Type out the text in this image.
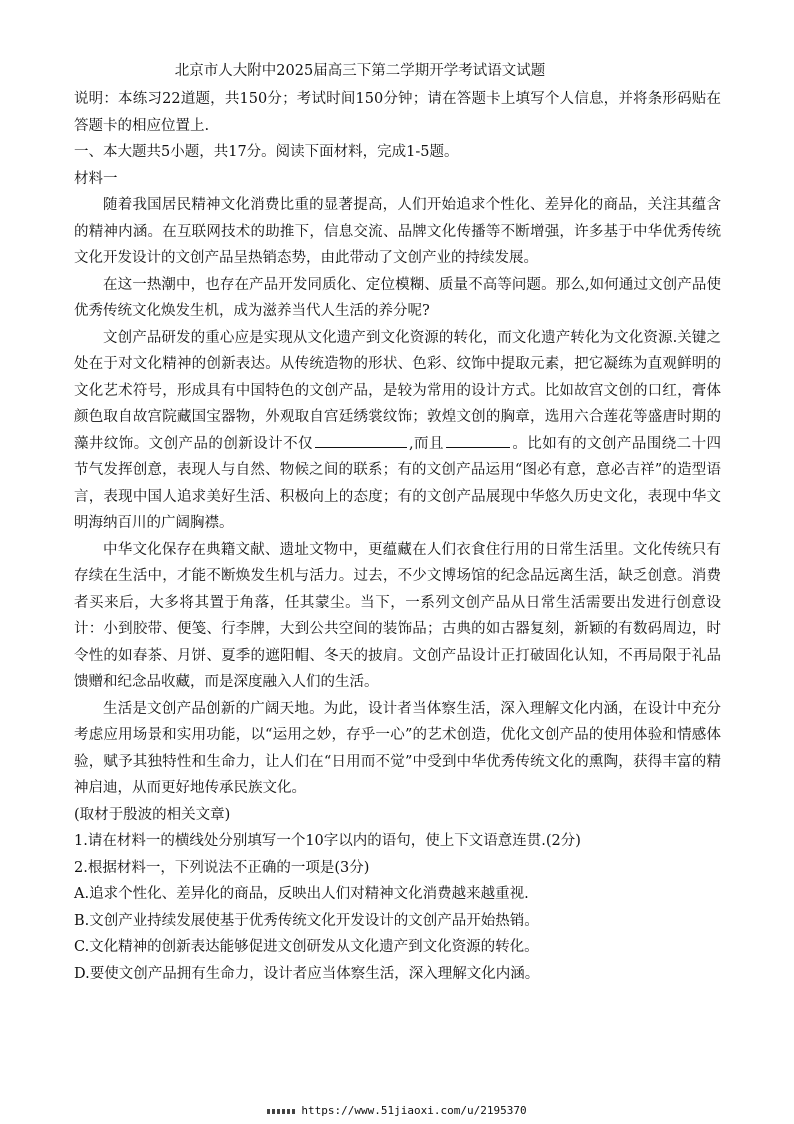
北京市人大附中2025届高三下第二学期开学考试语文试题

说明：本练习22道题，共150分；考试时间150分钟；请在答题卡上填写个人信息，并将条形码贴在答题卡的相应位置上.

一、本大题共5小题，共17分。阅读下面材料，完成1-5题。

材料一

随着我国居民精神文化消费比重的显著提高，人们开始追求个性化、差异化的商品，关注其蕴含的精神内涵。在互联网技术的助推下，信息交流、品牌文化传播等不断增强，许多基于中华优秀传统文化开发设计的文创产品呈热销态势，由此带动了文创产业的持续发展。

在这一热潮中，也存在产品开发同质化、定位模糊、质量不高等问题。那么,如何通过文创产品使优秀传统文化焕发生机，成为滋养当代人生活的养分呢?

文创产品研发的重心应是实现从文化遗产到文化资源的转化，而文化遗产转化为文化资源.关键之处在于对文化精神的创新表达。从传统造物的形状、色彩、纹饰中提取元素，把它凝练为直观鲜明的文化艺术符号，形成具有中国特色的文创产品，是较为常用的设计方式。比如故宫文创的口红，膏体颜色取自故宫院藏国宝器物，外观取自宫廷绣裳纹饰；敦煌文创的胸章，选用六合莲花等盛唐时期的藻井纹饰。文创产品的创新设计不仅	,而且	。比如有的文创产品围绕二十四节气发挥创意，表现人与自然、物候之间的联系；有的文创产品运用“图必有意，意必吉祥”的造型语言，表现中国人追求美好生活、积极向上的态度；有的文创产品展现中华悠久历史文化，表现中华文明海纳百川的广阔胸襟。

中华文化保存在典籍文献、遗址文物中，更蕴藏在人们衣食住行用的日常生活里。文化传统只有存续在生活中，才能不断焕发生机与活力。过去，不少文博场馆的纪念品远离生活，缺乏创意。消费者买来后，大多将其置于角落，任其蒙尘。当下，一系列文创产品从日常生活需要出发进行创意设计：小到胶带、便笺、行李牌，大到公共空间的装饰品；古典的如古器复刻，新颖的有数码周边，时令性的如春茶、月饼、夏季的遮阳帽、冬天的披肩。文创产品设计正打破固化认知，不再局限于礼品馈赠和纪念品收藏，而是深度融入人们的生活。

生活是文创产品创新的广阔天地。为此，设计者当体察生活，深入理解文化内涵，在设计中充分考虑应用场景和实用功能，以“运用之妙，存乎一心”的艺术创造，优化文创产品的使用体验和情感体验，赋予其独特性和生命力，让人们在“日用而不觉”中受到中华优秀传统文化的熏陶，获得丰富的精神启迪，从而更好地传承民族文化。

(取材于殷波的相关文章)

1.请在材料一的横线处分别填写一个10字以内的语句，使上下文语意连贯.(2分)

2.根据材料一，下列说法不正确的一项是(3分)

A.追求个性化、差异化的商品，反映出人们对精神文化消费越来越重视.

B.文创产业持续发展使基于优秀传统文化开发设计的文创产品开始热销。

C.文化精神的创新表达能够促进文创研发从文化遗产到文化资源的转化。

D.要使文创产品拥有生命力，设计者应当体察生活，深入理解文化内涵。

https://www.51jiaoxi.com/u/2195370
